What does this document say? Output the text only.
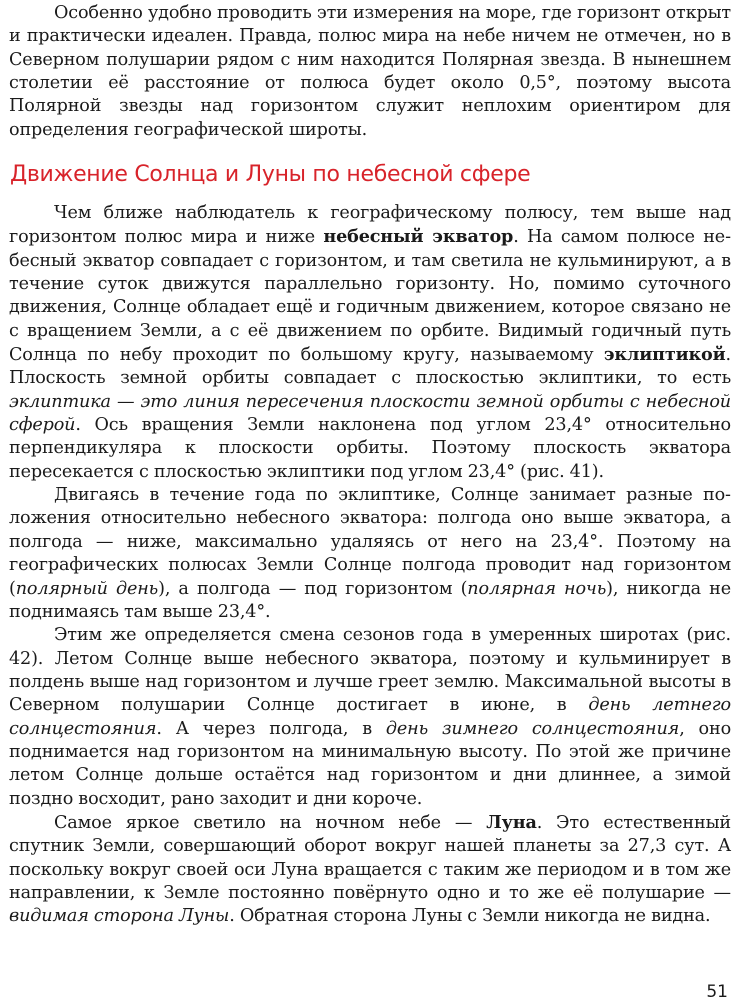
Особенно удобно проводить эти измерения на море, где горизонт открыт и практически идеален. Правда, полюс мира на небе ничем не отмечен, но в Северном полушарии рядом с ним находится Полярная звезда. В нынешнем столетии её расстояние от полюса будет около 0,5°, поэтому высота Полярной звезды над горизонтом служит неплохим ориентиром для определения географической широты.

Движение Солнца и Луны по небесной сфере

Чем ближе наблюдатель к географическому полюсу, тем выше над горизонтом полюс мира и ниже небесный экватор. На самом полюсе небесный экватор совпадает с горизонтом, и там светила не кульминируют, а в течение суток движутся параллельно горизонту. Но, помимо суточного движения, Солнце обладает ещё и годичным движением, которое связано не с вращением Земли, а с её движением по орбите. Видимый годичный путь Солнца по небу проходит по большому кругу, называемому эклиптикой. Плоскость земной орбиты совпадает с плоскостью эклиптики, то есть эклиптика — это линия пересечения плоскости земной орбиты с небесной сферой. Ось вращения Земли наклонена под углом 23,4° относительно перпендикуляра к плоскости орбиты. Поэтому плоскость экватора пересекается с плоскостью эклиптики под углом 23,4° (рис. 41).

Двигаясь в течение года по эклиптике, Солнце занимает разные положения относительно небесного экватора: полгода оно выше экватора, а полгода — ниже, максимально удаляясь от него на 23,4°. Поэтому на географических полюсах Земли Солнце полгода проводит над горизонтом (полярный день), а полгода — под горизонтом (полярная ночь), никогда не поднимаясь там выше 23,4°.

Этим же определяется смена сезонов года в умеренных широтах (рис. 42). Летом Солнце выше небесного экватора, поэтому и кульминирует в полдень выше над горизонтом и лучше греет землю. Максимальной высоты в Северном полушарии Солнце достигает в июне, в день летнего солнцестояния. А через полгода, в день зимнего солнцестояния, оно поднимается над горизонтом на минимальную высоту. По этой же причине летом Солнце дольше остаётся над горизонтом и дни длиннее, а зимой поздно восходит, рано заходит и дни короче.

Самое яркое светило на ночном небе — Луна. Это естественный спутник Земли, совершающий оборот вокруг нашей планеты за 27,3 сут. А поскольку вокруг своей оси Луна вращается с таким же периодом и в том же направлении, к Земле постоянно повёрнуто одно и то же её полушарие — видимая сторона Луны. Обратная сторона Луны с Земли никогда не видна.

51
